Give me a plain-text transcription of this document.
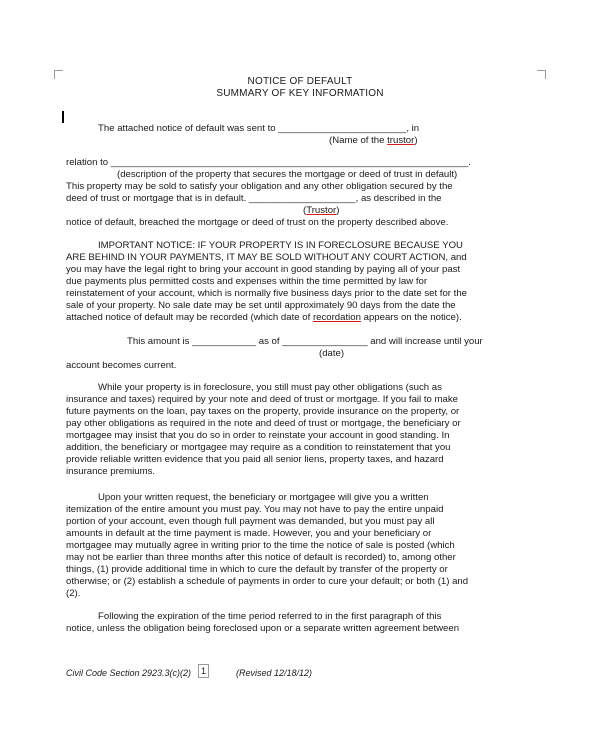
NOTICE OF DEFAULT
SUMMARY OF KEY INFORMATION
The attached notice of default was sent to ________________________, in
(Name of the trustor)
relation to ___________________________________________________________________.
(description of the property that secures the mortgage or deed of trust in default)
This property may be sold to satisfy your obligation and any other obligation secured by the
deed of trust or mortgage that is in default. ____________________, as described in the
(Trustor)
notice of default, breached the mortgage or deed of trust on the property described above.
IMPORTANT NOTICE: IF YOUR PROPERTY IS IN FORECLOSURE BECAUSE YOU
ARE BEHIND IN YOUR PAYMENTS, IT MAY BE SOLD WITHOUT ANY COURT ACTION, and
you may have the legal right to bring your account in good standing by paying all of your past
due payments plus permitted costs and expenses within the time permitted by law for
reinstatement of your account, which is normally five business days prior to the date set for the
sale of your property. No sale date may be set until approximately 90 days from the date the
attached notice of default may be recorded (which date of recordation appears on the notice).
This amount is ____________ as of ________________ and will increase until your
(date)
account becomes current.
While your property is in foreclosure, you still must pay other obligations (such as
insurance and taxes) required by your note and deed of trust or mortgage. If you fail to make
future payments on the loan, pay taxes on the property, provide insurance on the property, or
pay other obligations as required in the note and deed of trust or mortgage, the beneficiary or
mortgagee may insist that you do so in order to reinstate your account in good standing. In
addition, the beneficiary or mortgagee may require as a condition to reinstatement that you
provide reliable written evidence that you paid all senior liens, property taxes, and hazard
insurance premiums.
Upon your written request, the beneficiary or mortgagee will give you a written
itemization of the entire amount you must pay. You may not have to pay the entire unpaid
portion of your account, even though full payment was demanded, but you must pay all
amounts in default at the time payment is made. However, you and your beneficiary or
mortgagee may mutually agree in writing prior to the time the notice of sale is posted (which
may not be earlier than three months after this notice of default is recorded) to, among other
things, (1) provide additional time in which to cure the default by transfer of the property or
otherwise; or (2) establish a schedule of payments in order to cure your default; or both (1) and
(2).
Following the expiration of the time period referred to in the first paragraph of this
notice, unless the obligation being foreclosed upon or a separate written agreement between
Civil Code Section 2923.3(c)(2)	1	(Revised 12/18/12)
